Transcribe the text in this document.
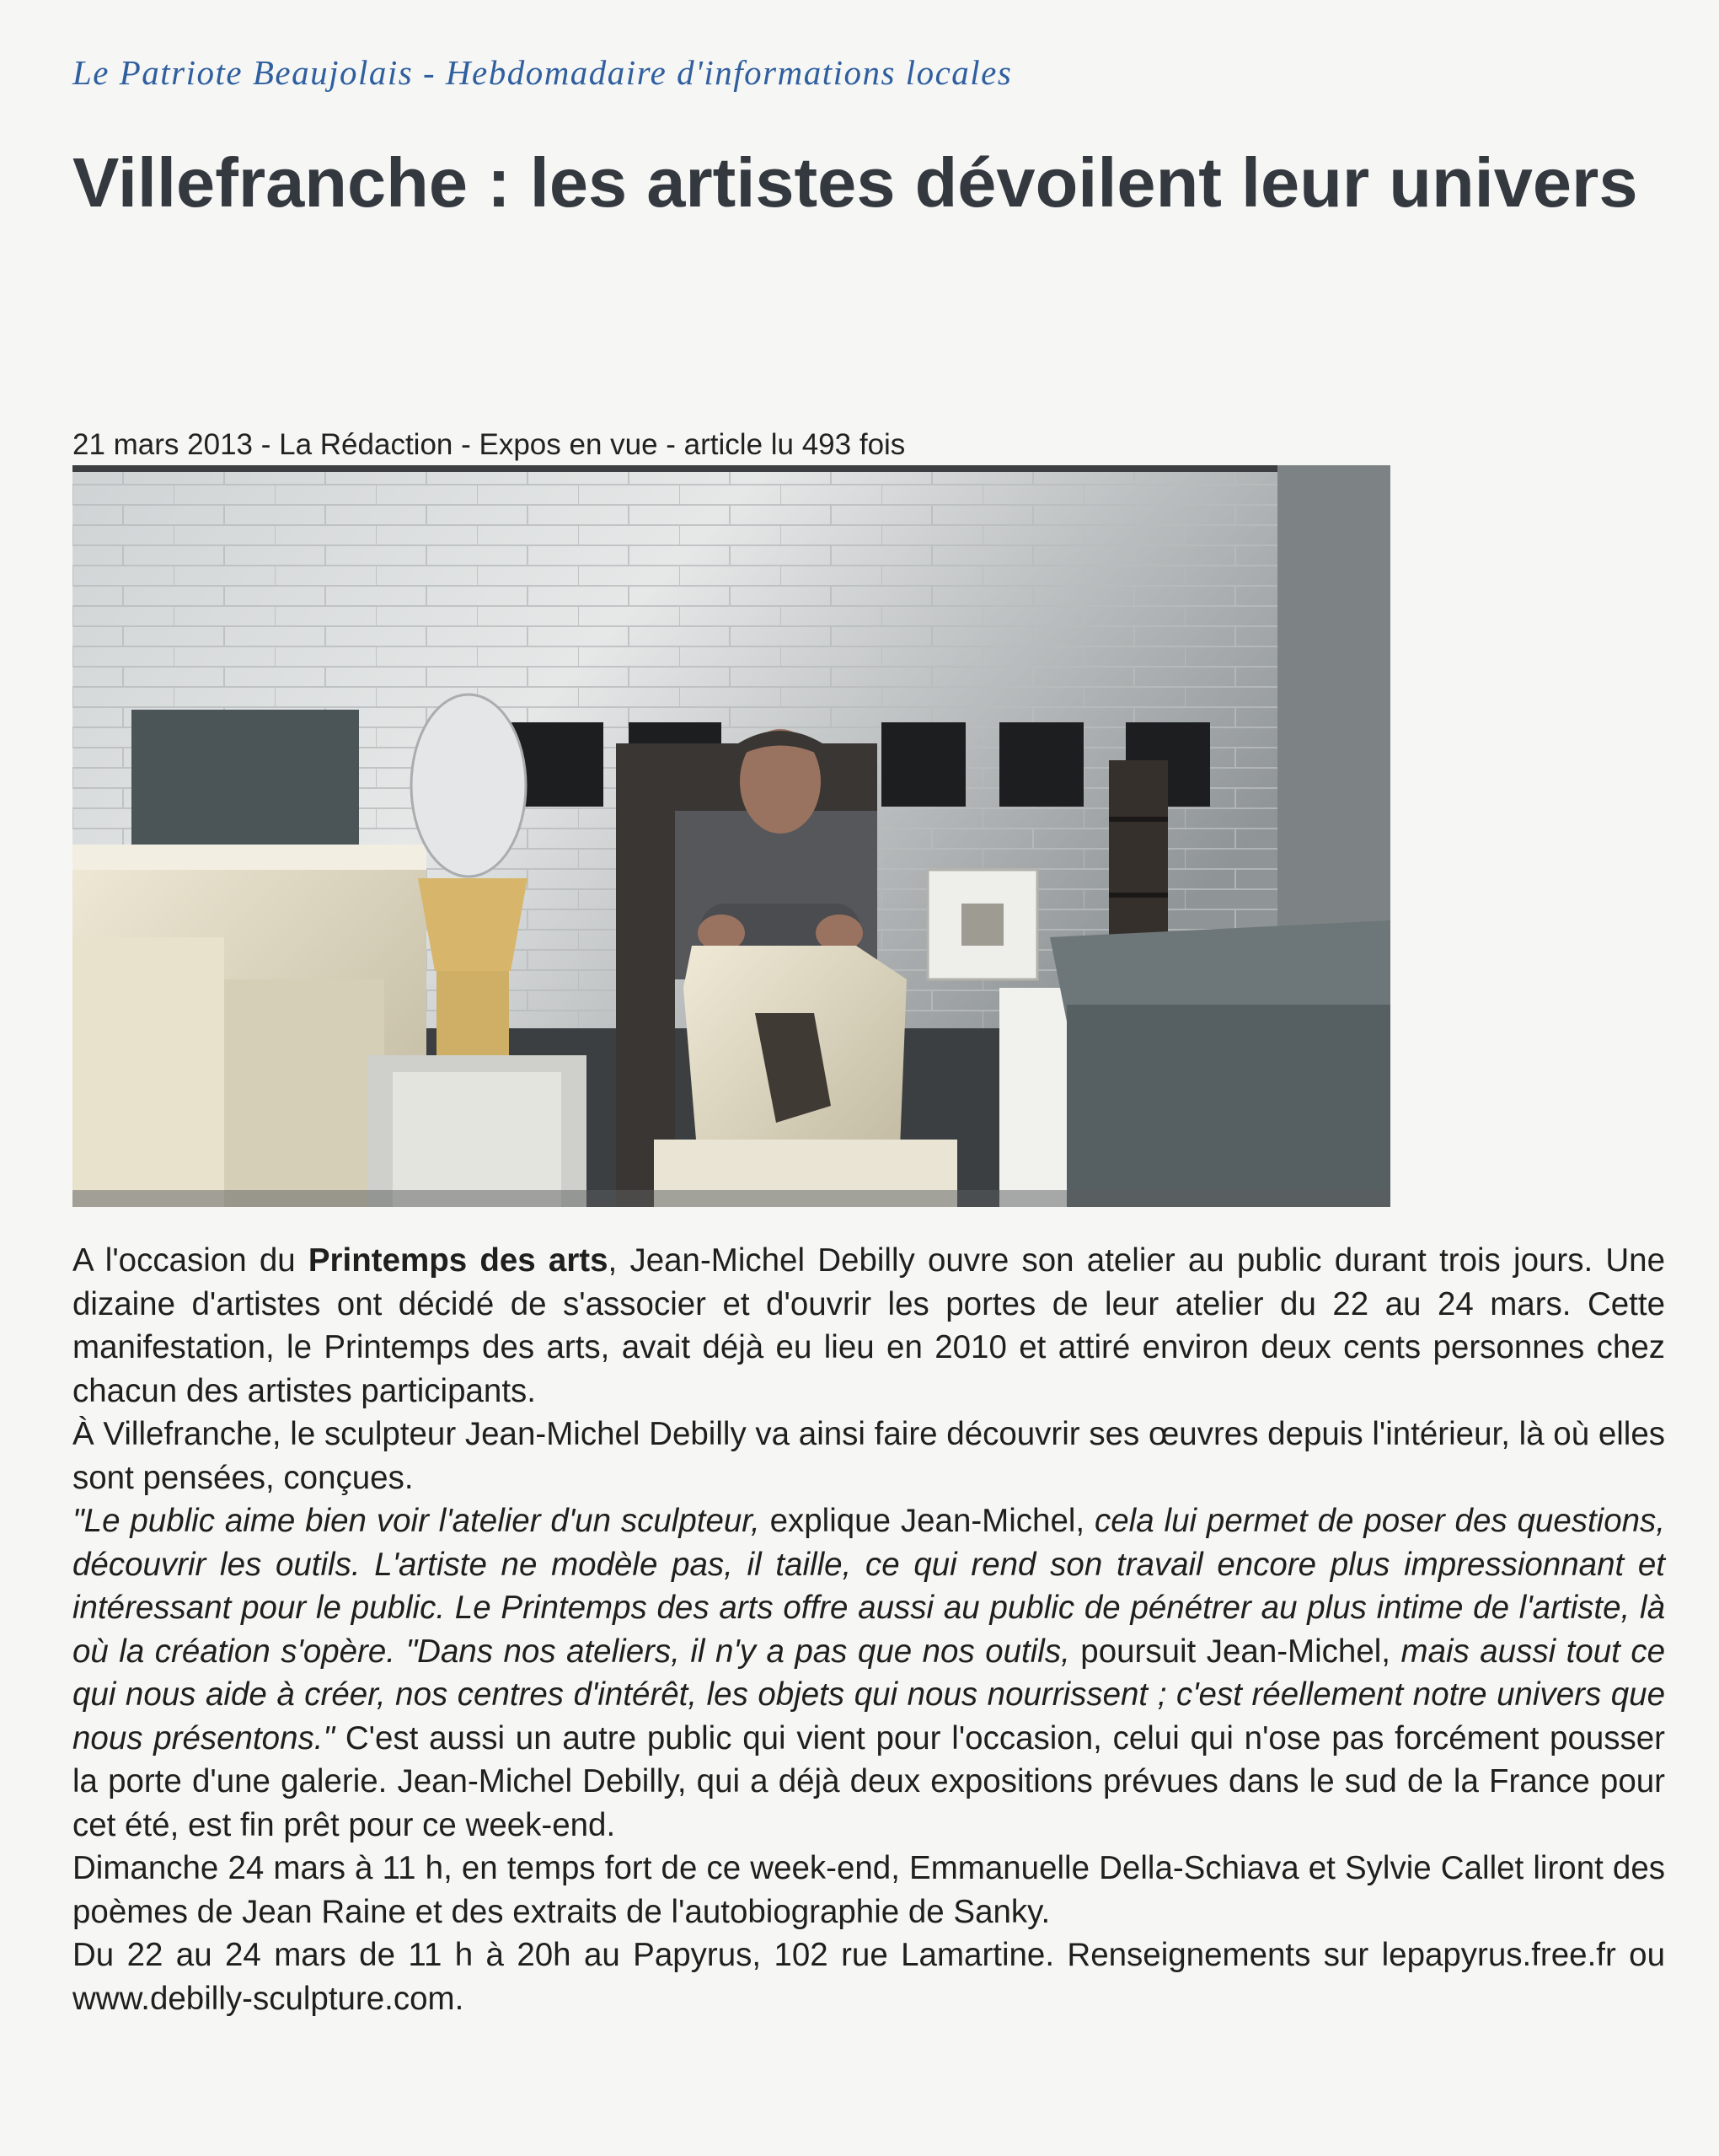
Le Patriote Beaujolais - Hebdomadaire d'informations locales
Villefranche : les artistes dévoilent leur univers
21 mars 2013 - La Rédaction - Expos en vue - article lu 493 fois

A l'occasion du Printemps des arts, Jean-Michel Debilly ouvre son atelier au public durant trois jours. Une dizaine d'artistes ont décidé de s'associer et d'ouvrir les portes de leur atelier du 22 au 24 mars. Cette manifestation, le Printemps des arts, avait déjà eu lieu en 2010 et attiré environ deux cents personnes chez chacun des artistes participants.

À Villefranche, le sculpteur Jean-Michel Debilly va ainsi faire découvrir ses œuvres depuis l'intérieur, là où elles sont pensées, conçues.

"Le public aime bien voir l'atelier d'un sculpteur, explique Jean-Michel, cela lui permet de poser des questions, découvrir les outils. L'artiste ne modèle pas, il taille, ce qui rend son travail encore plus impressionnant et intéressant pour le public. Le Printemps des arts offre aussi au public de pénétrer au plus intime de l'artiste, là où la création s'opère. "Dans nos ateliers, il n'y a pas que nos outils, poursuit Jean-Michel, mais aussi tout ce qui nous aide à créer, nos centres d'intérêt, les objets qui nous nourrissent ; c'est réellement notre univers que nous présentons." C'est aussi un autre public qui vient pour l'occasion, celui qui n'ose pas forcément pousser la porte d'une galerie. Jean-Michel Debilly, qui a déjà deux expositions prévues dans le sud de la France pour cet été, est fin prêt pour ce week-end.

Dimanche 24 mars à 11 h, en temps fort de ce week-end, Emmanuelle Della-Schiava et Sylvie Callet liront des poèmes de Jean Raine et des extraits de l'autobiographie de Sanky.

Du 22 au 24 mars de 11 h à 20h au Papyrus, 102 rue Lamartine. Renseignements sur lepapyrus.free.fr ou www.debilly-sculpture.com.
